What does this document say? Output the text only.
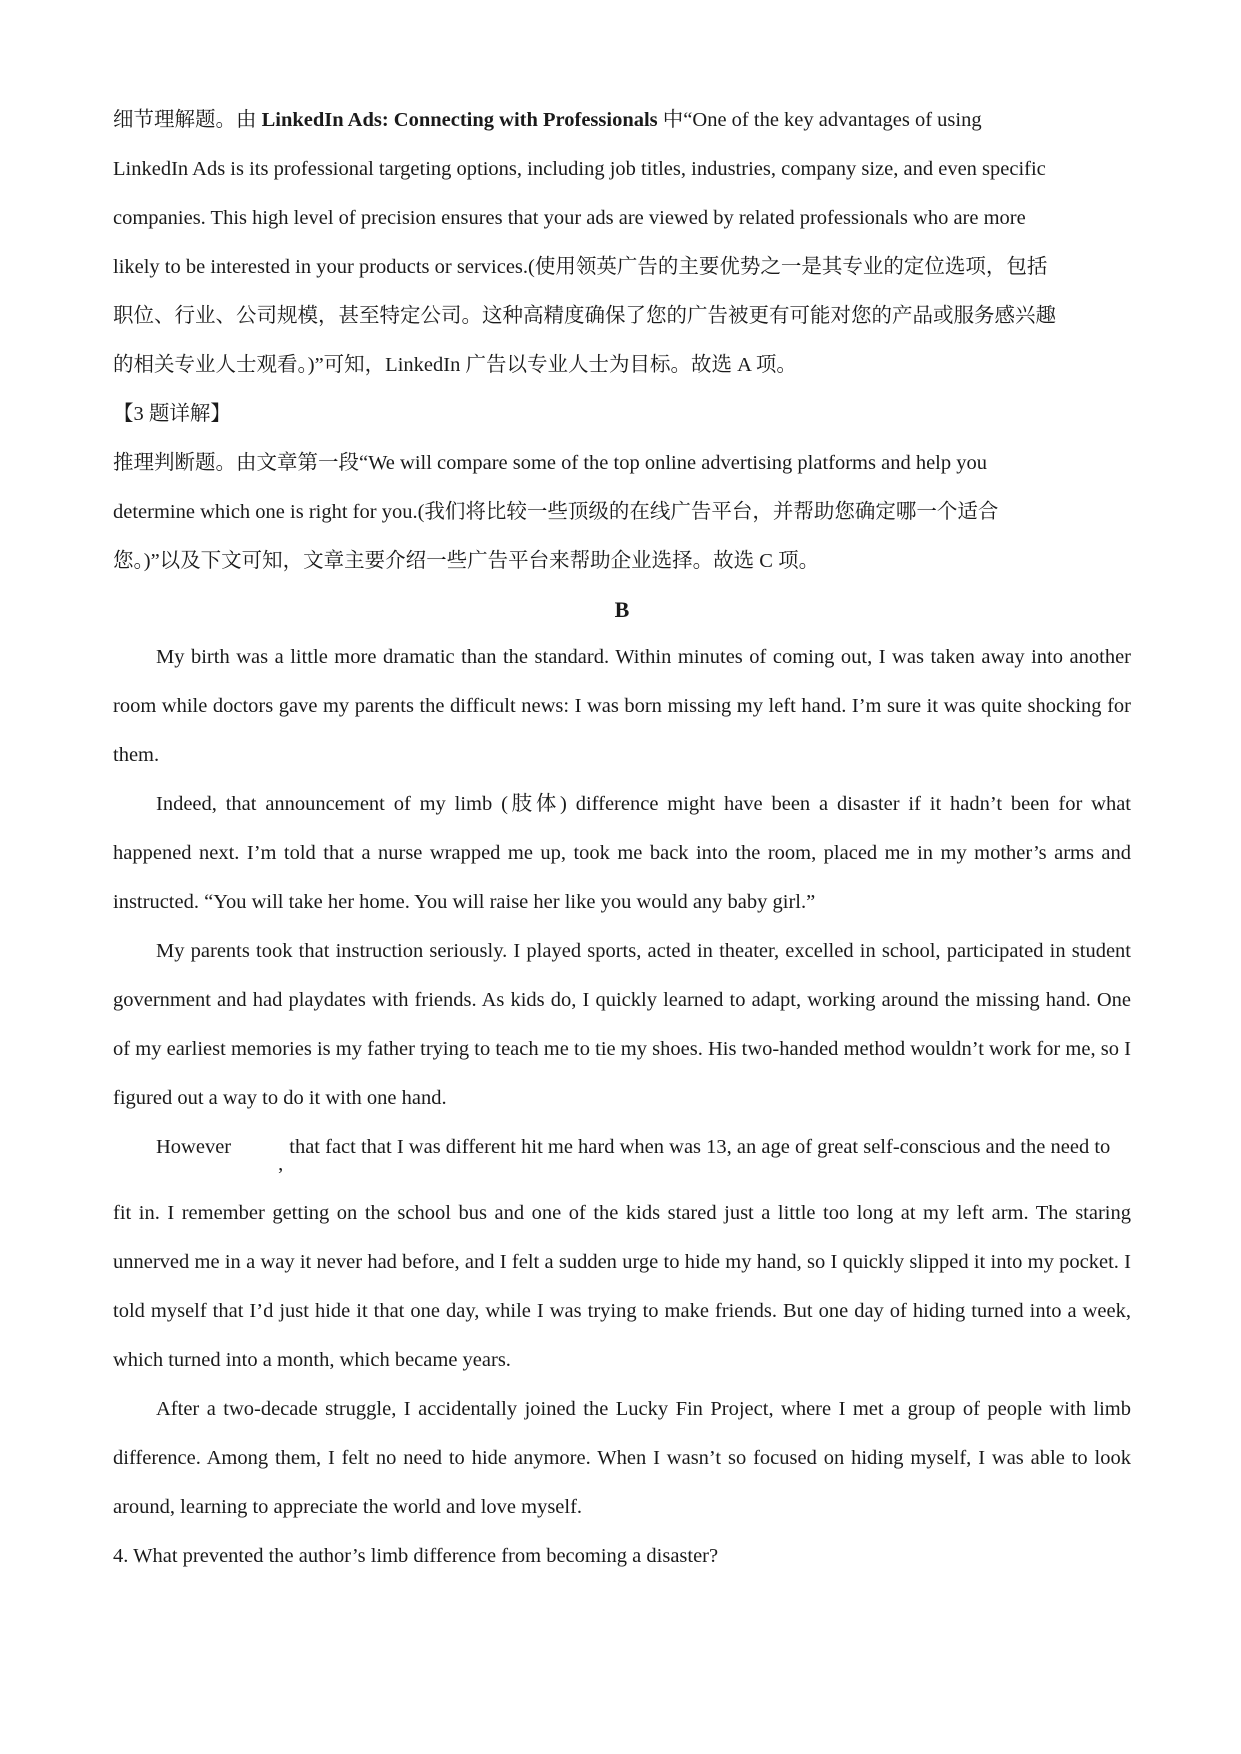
细节理解题。由 LinkedIn Ads: Connecting with Professionals 中“One of the key advantages of using

LinkedIn Ads is its professional targeting options, including job titles, industries, company size, and even specific

companies. This high level of precision ensures that your ads are viewed by related professionals who are more

likely to be interested in your products or services.(使用领英广告的主要优势之一是其专业的定位选项，包括

职位、行业、公司规模，甚至特定公司。这种高精度确保了您的广告被更有可能对您的产品或服务感兴趣

的相关专业人士观看。)”可知，LinkedIn 广告以专业人士为目标。故选 A 项。

【3 题详解】

推理判断题。由文章第一段“We will compare some of the top online advertising platforms and help you

determine which one is right for you.(我们将比较一些顶级的在线广告平台，并帮助您确定哪一个适合

您。)”以及下文可知，文章主要介绍一些广告平台来帮助企业选择。故选 C 项。

B

My birth was a little more dramatic than the standard. Within minutes of coming out, I was taken away into another room while doctors gave my parents the difficult news: I was born missing my left hand. I’m sure it was quite shocking for them.

Indeed, that announcement of my limb (肢体) difference might have been a disaster if it hadn’t been for what happened next. I’m told that a nurse wrapped me up, took me back into the room, placed me in my mother’s arms and instructed. “You will take her home. You will raise her like you would any baby girl.”

My parents took that instruction seriously. I played sports, acted in theater, excelled in school, participated in student government and had playdates with friends. As kids do, I quickly learned to adapt, working around the missing hand. One of my earliest memories is my father trying to teach me to tie my shoes. His two-handed method wouldn’t work for me, so I figured out a way to do it with one hand.

However,that fact that I was different hit me hard when was 13, an age of great self-conscious and the need to

fit in. I remember getting on the school bus and one of the kids stared just a little too long at my left arm. The staring unnerved me in a way it never had before, and I felt a sudden urge to hide my hand, so I quickly slipped it into my pocket. I told myself that I’d just hide it that one day, while I was trying to make friends. But one day of hiding turned into a week, which turned into a month, which became years.

After a two-decade struggle, I accidentally joined the Lucky Fin Project, where I met a group of people with limb difference. Among them, I felt no need to hide anymore. When I wasn’t so focused on hiding myself, I was able to look around, learning to appreciate the world and love myself.

4. What prevented the author’s limb difference from becoming a disaster?
